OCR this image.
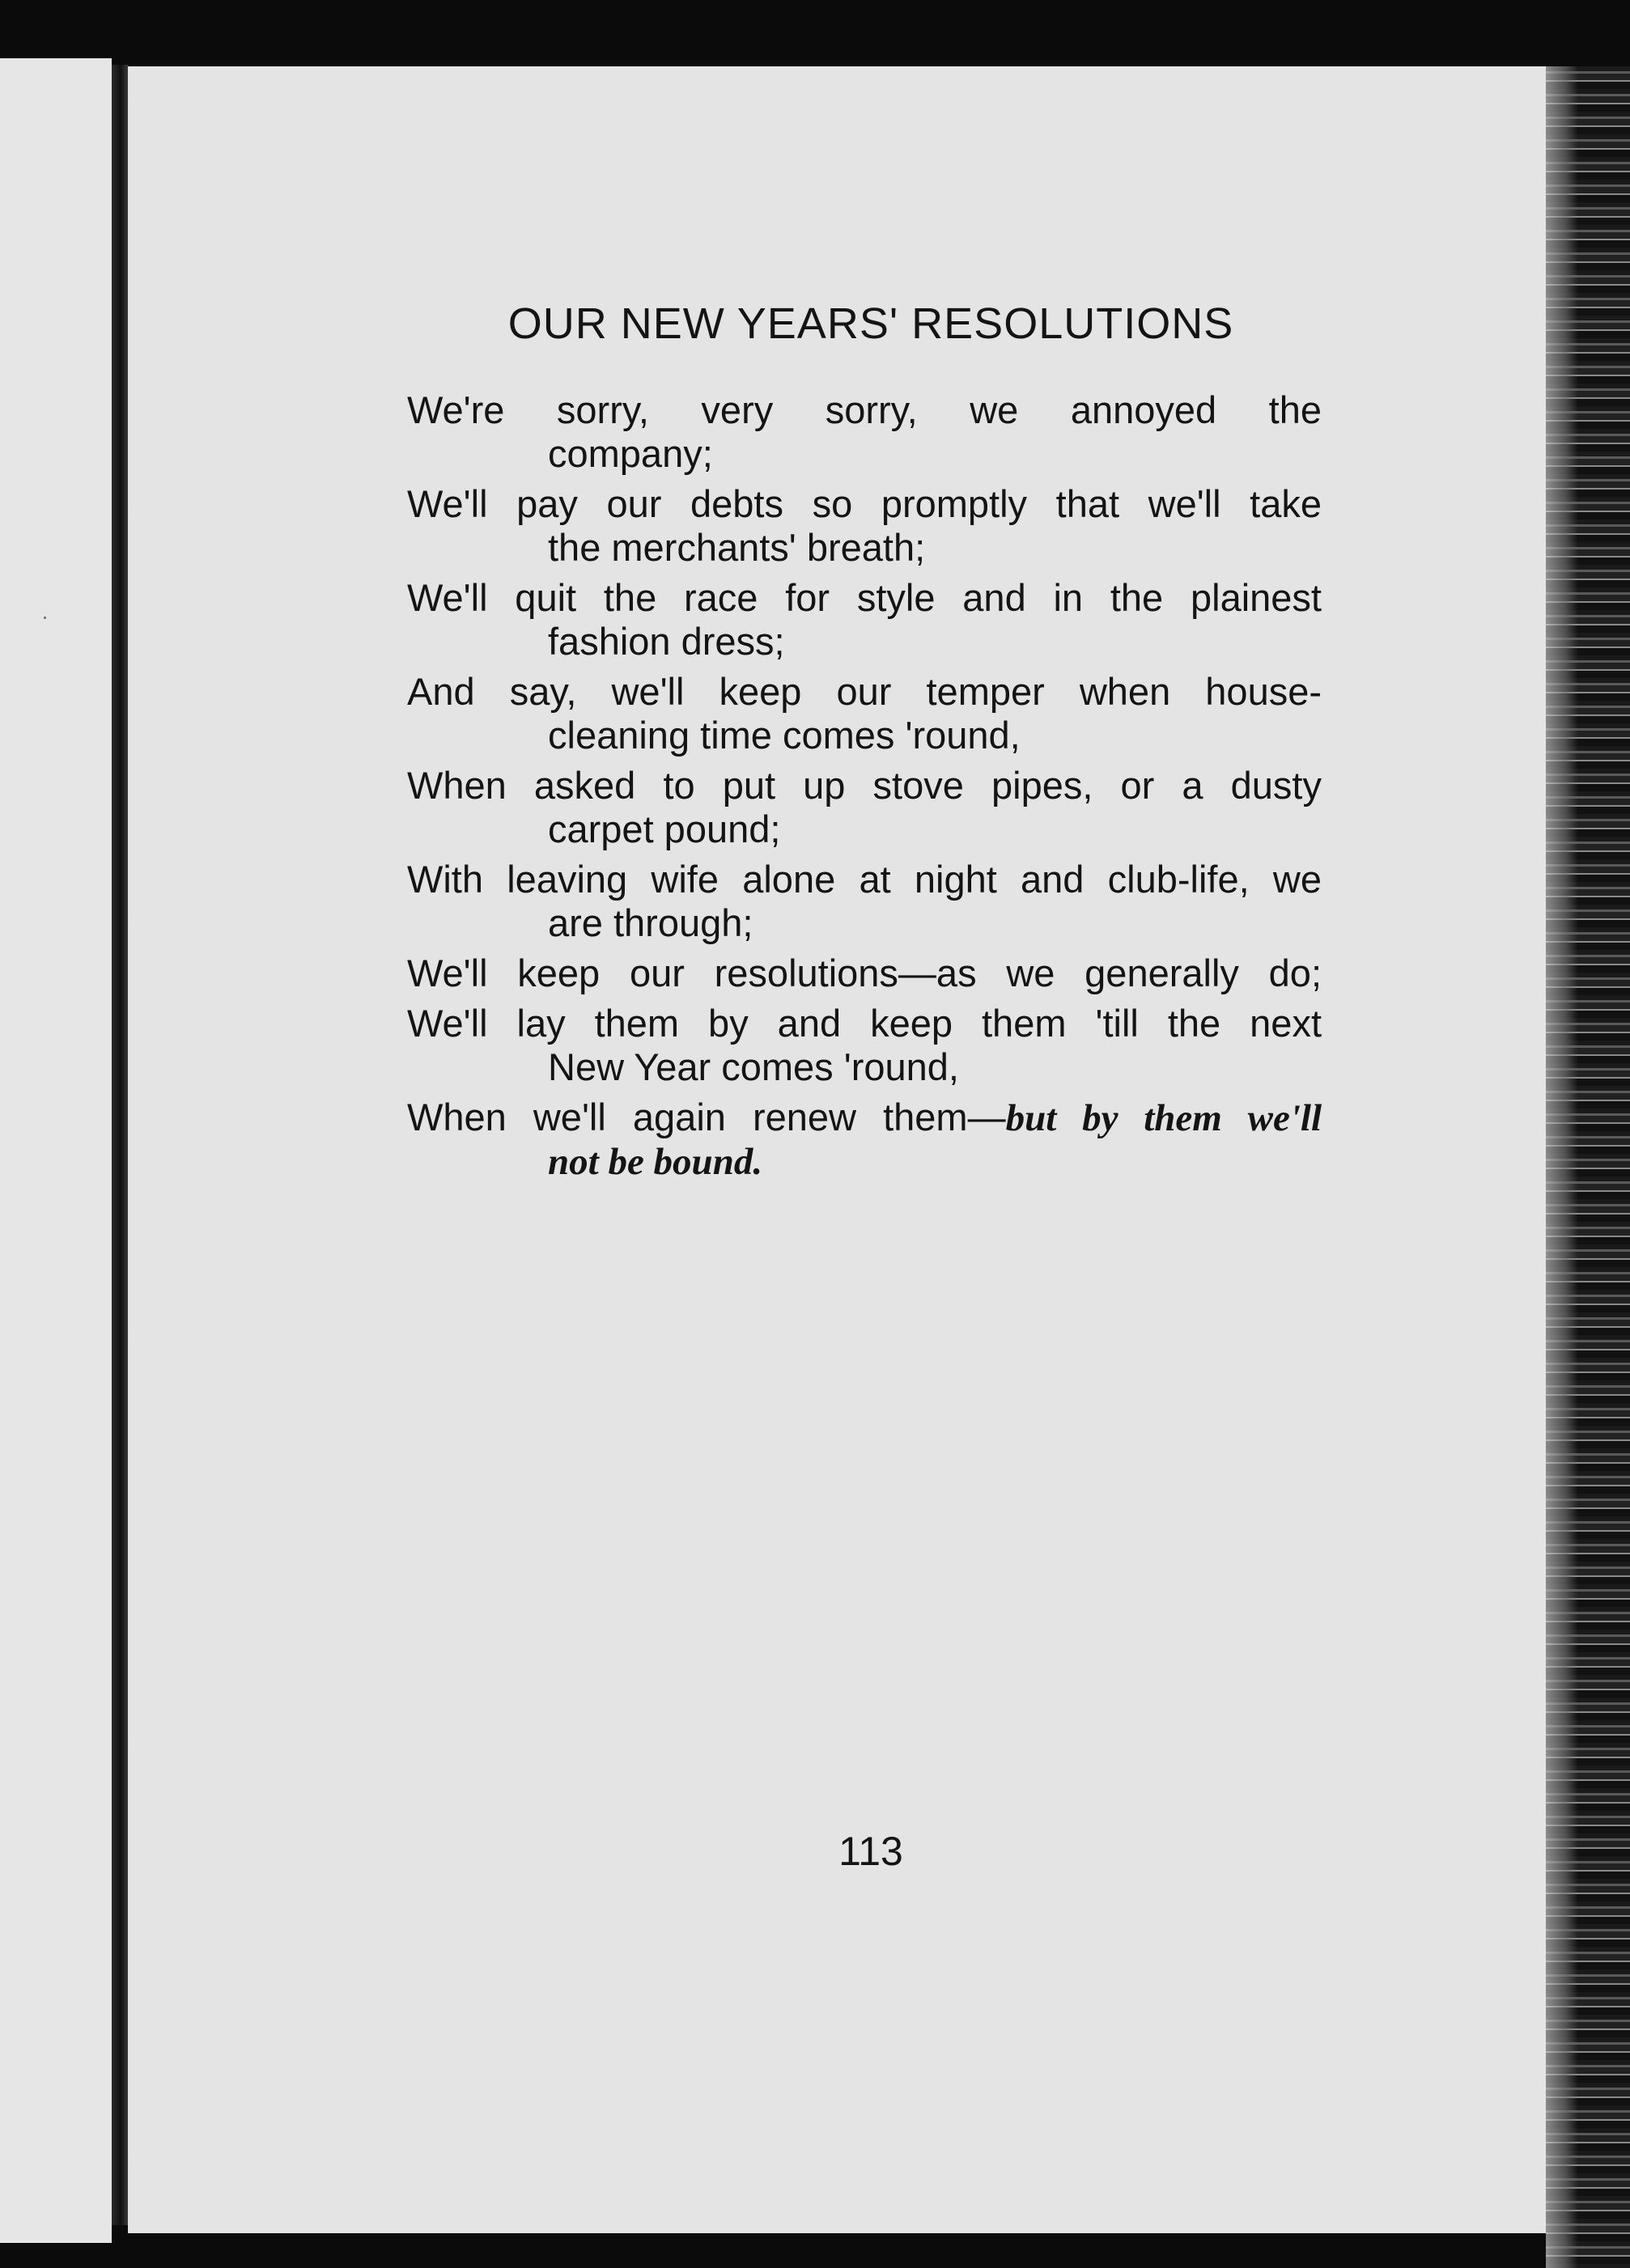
OUR NEW YEARS' RESOLUTIONS
We're sorry, very sorry, we annoyed the
company;
We'll pay our debts so promptly that we'll take
the merchants' breath;
We'll quit the race for style and in the plainest
fashion dress;
And say, we'll keep our temper when house-
cleaning time comes 'round,
When asked to put up stove pipes, or a dusty
carpet pound;
With leaving wife alone at night and club-life, we
are through;
We'll keep our resolutions—as we generally do;
We'll lay them by and keep them 'till the next
New Year comes 'round,
When we'll again renew them—but by them we'll
not be bound.
113
